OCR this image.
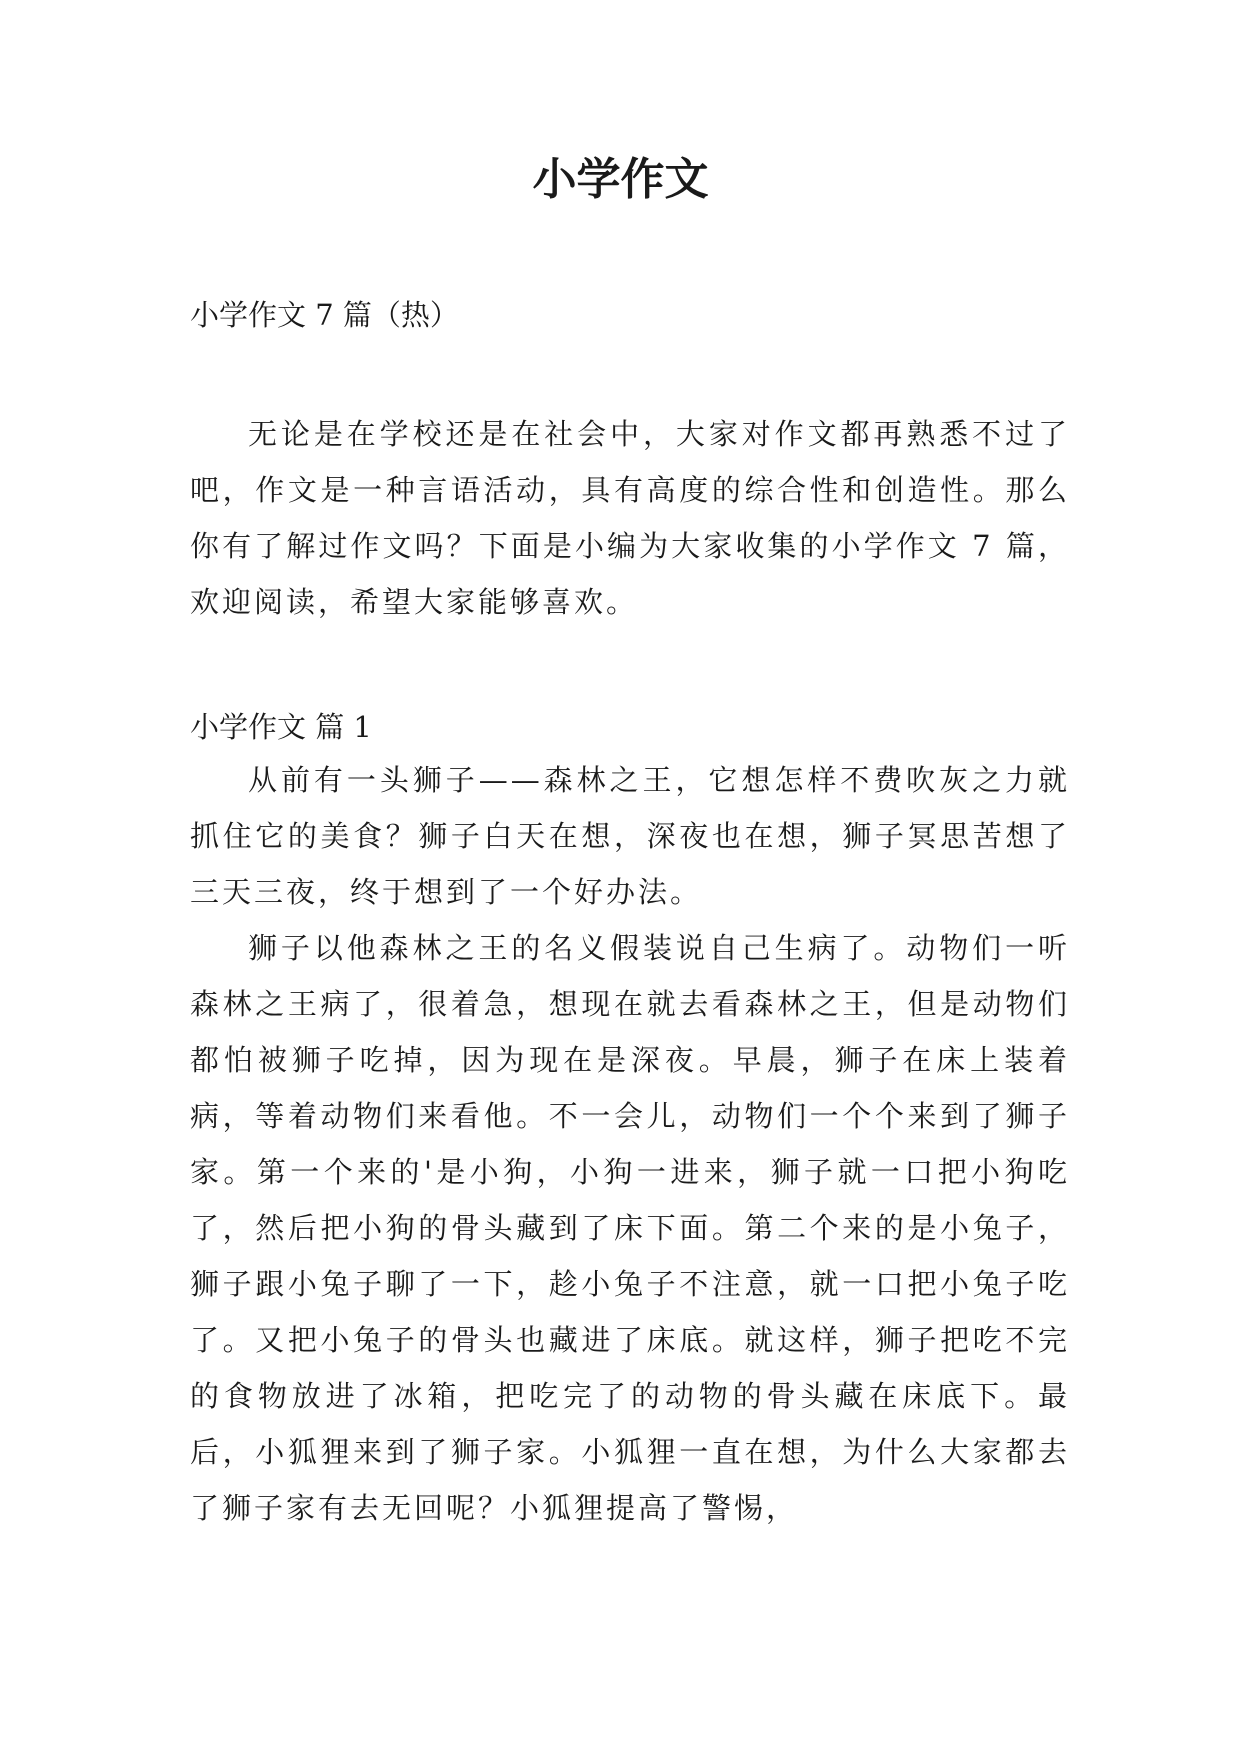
小学作文
小学作文 7 篇（热）

无论是在学校还是在社会中，大家对作文都再熟悉不过了吧，作文是一种言语活动，具有高度的综合性和创造性。那么你有了解过作文吗？下面是小编为大家收集的小学作文 7 篇，欢迎阅读，希望大家能够喜欢。

小学作文 篇 1

从前有一头狮子——森林之王，它想怎样不费吹灰之力就抓住它的美食？狮子白天在想，深夜也在想，狮子冥思苦想了三天三夜，终于想到了一个好办法。

狮子以他森林之王的名义假装说自己生病了。动物们一听森林之王病了，很着急，想现在就去看森林之王，但是动物们都怕被狮子吃掉，因为现在是深夜。早晨，狮子在床上装着病，等着动物们来看他。不一会儿，动物们一个个来到了狮子家。第一个来的'是小狗，小狗一进来，狮子就一口把小狗吃了，然后把小狗的骨头藏到了床下面。第二个来的是小兔子，狮子跟小兔子聊了一下，趁小兔子不注意，就一口把小兔子吃了。又把小兔子的骨头也藏进了床底。就这样，狮子把吃不完的食物放进了冰箱，把吃完了的动物的骨头藏在床底下。最后，小狐狸来到了狮子家。小狐狸一直在想，为什么大家都去了狮子家有去无回呢？小狐狸提高了警惕，
